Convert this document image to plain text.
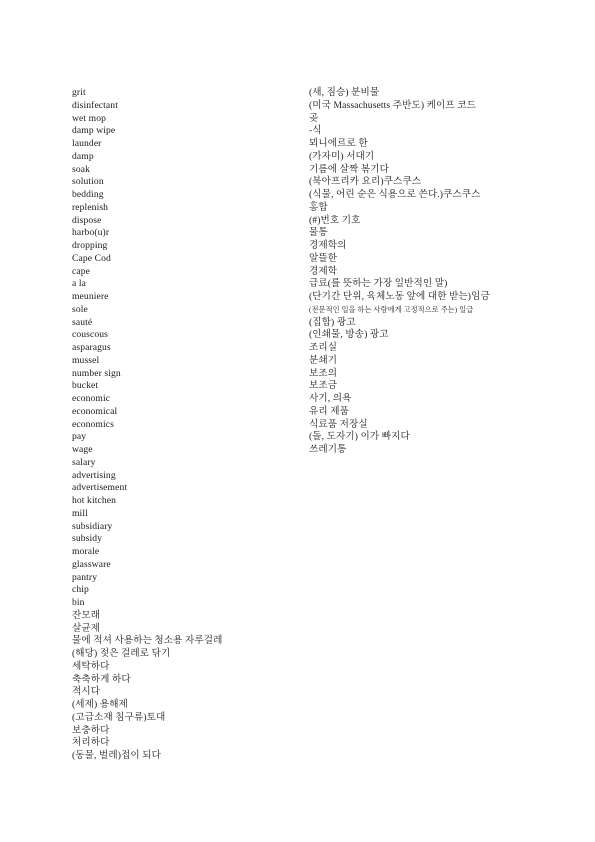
grit
disinfectant
wet mop
damp wipe
launder
damp
soak
solution
bedding
replenish
dispose
harbo(u)r
dropping
Cape Cod
cape
a la
meuniere
sole
sauté
couscous
asparagus
mussel
number sign
bucket
economic
economical
economics
pay
wage
salary
advertising
advertisement
hot kitchen
mill
subsidiary
subsidy
morale
glassware
pantry
chip
bin
잔모래
살균제
물에 적셔 사용하는 청소용 자루걸레
(해당) 젖은 걸레로 닦기
세탁하다
축축하게 하다
적시다
(세제) 용해제
(고급소재 침구류)토대
보충하다
처리하다
(동물, 벌레)접이 되다
(새, 짐승) 분비물
(미국 Massachusetts 주반도) 케이프 코드
곶
-식
뫼니에르로 한
(가자미) 서대기
기름에 살짝 볶기다
(북아프리카 요리)쿠스쿠스
(식물, 어린 순은 식용으로 쓴다.)쿠스쿠스
홍합
(#)번호 기호
물통
경제학의
알뜰한
경제학
급료(를 뜻하는 가장 일반적인 말)
(단기간 단위, 육체노동 앞에 대한 받는)임금
(전문적인 일을 하는 사람에게 고정적으로 주는) 일급
(집합) 광고
(인쇄물, 방송) 광고
조리실
분쇄기
보조의
보조금
사기, 의욕
유리 제품
식료품 저장실
(돌, 도자기) 이가 빠지다
쓰레기통
